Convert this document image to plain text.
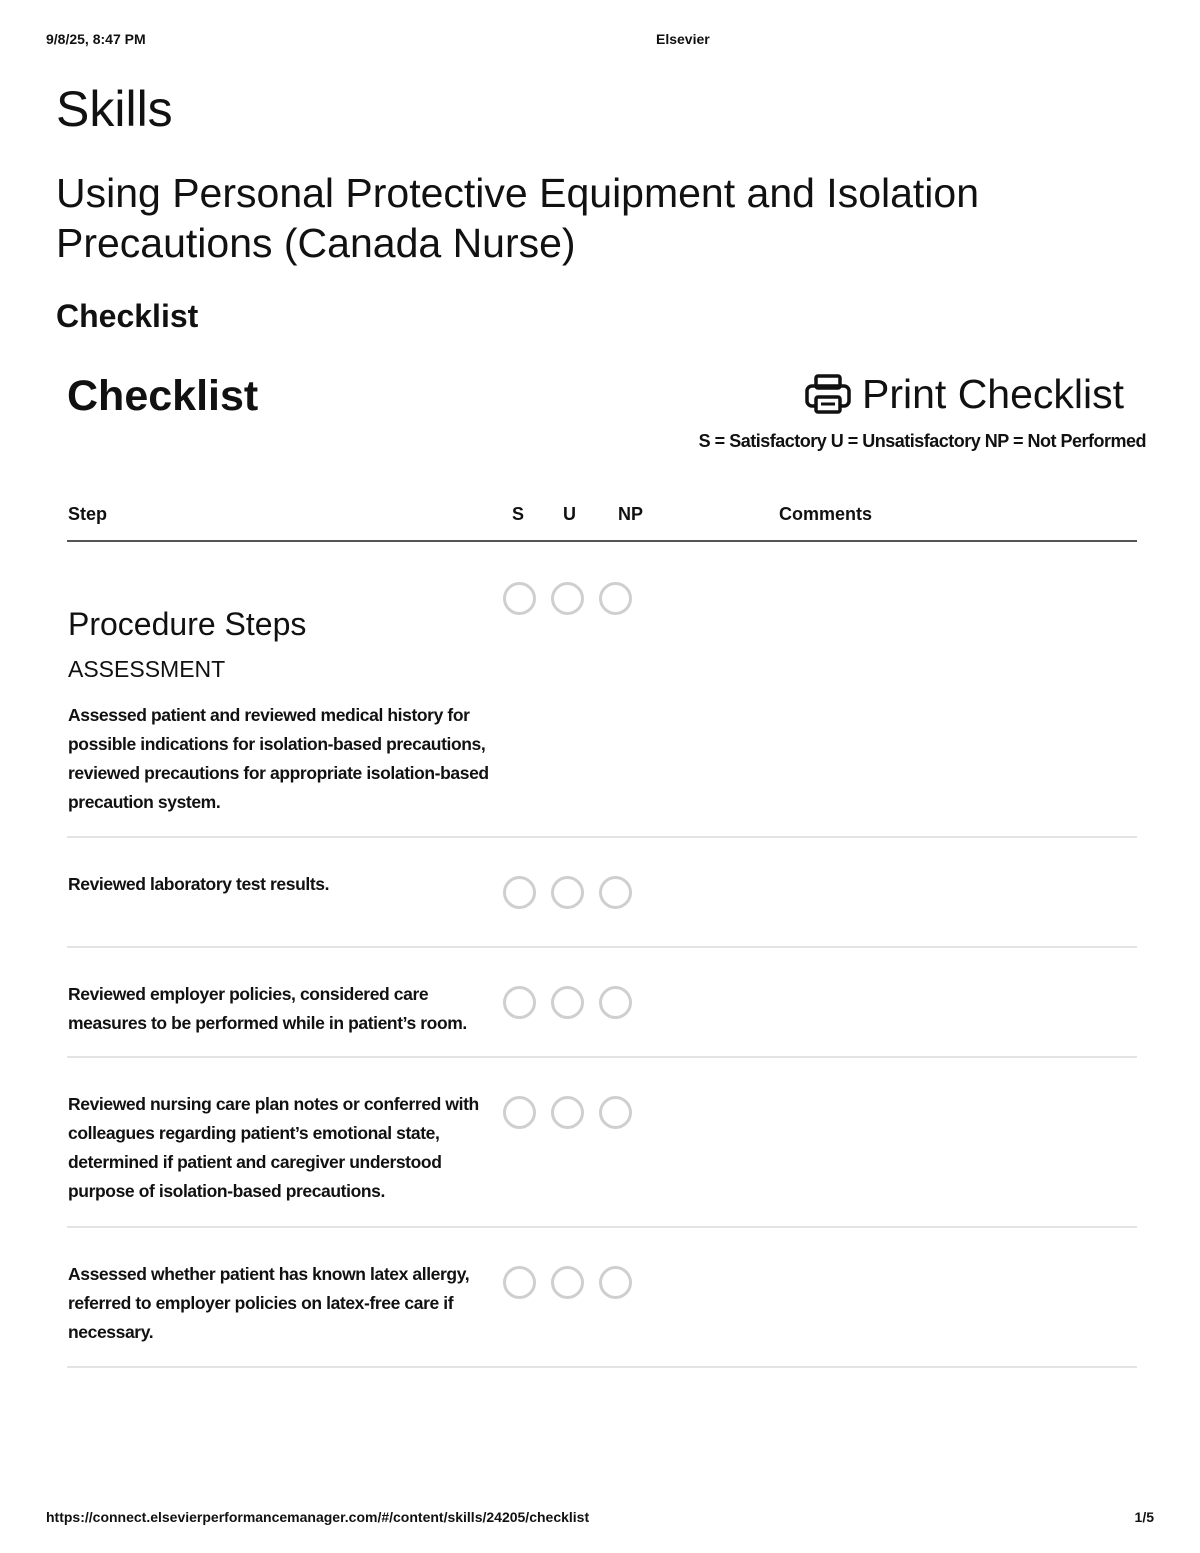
9/8/25, 8:47 PM	Elsevier
Skills
Using Personal Protective Equipment and Isolation Precautions (Canada Nurse)
Checklist
Checklist	Print Checklist
S = Satisfactory U = Unsatisfactory NP = Not Performed
Step	S U NP	Comments
Procedure Steps
ASSESSMENT
Assessed patient and reviewed medical history for possible indications for isolation-based precautions, reviewed precautions for appropriate isolation-based precaution system.
Reviewed laboratory test results.
Reviewed employer policies, considered care measures to be performed while in patient’s room.
Reviewed nursing care plan notes or conferred with colleagues regarding patient’s emotional state, determined if patient and caregiver understood purpose of isolation-based precautions.
Assessed whether patient has known latex allergy, referred to employer policies on latex-free care if necessary.
https://connect.elsevierperformancemanager.com/#/content/skills/24205/checklist	1/5
